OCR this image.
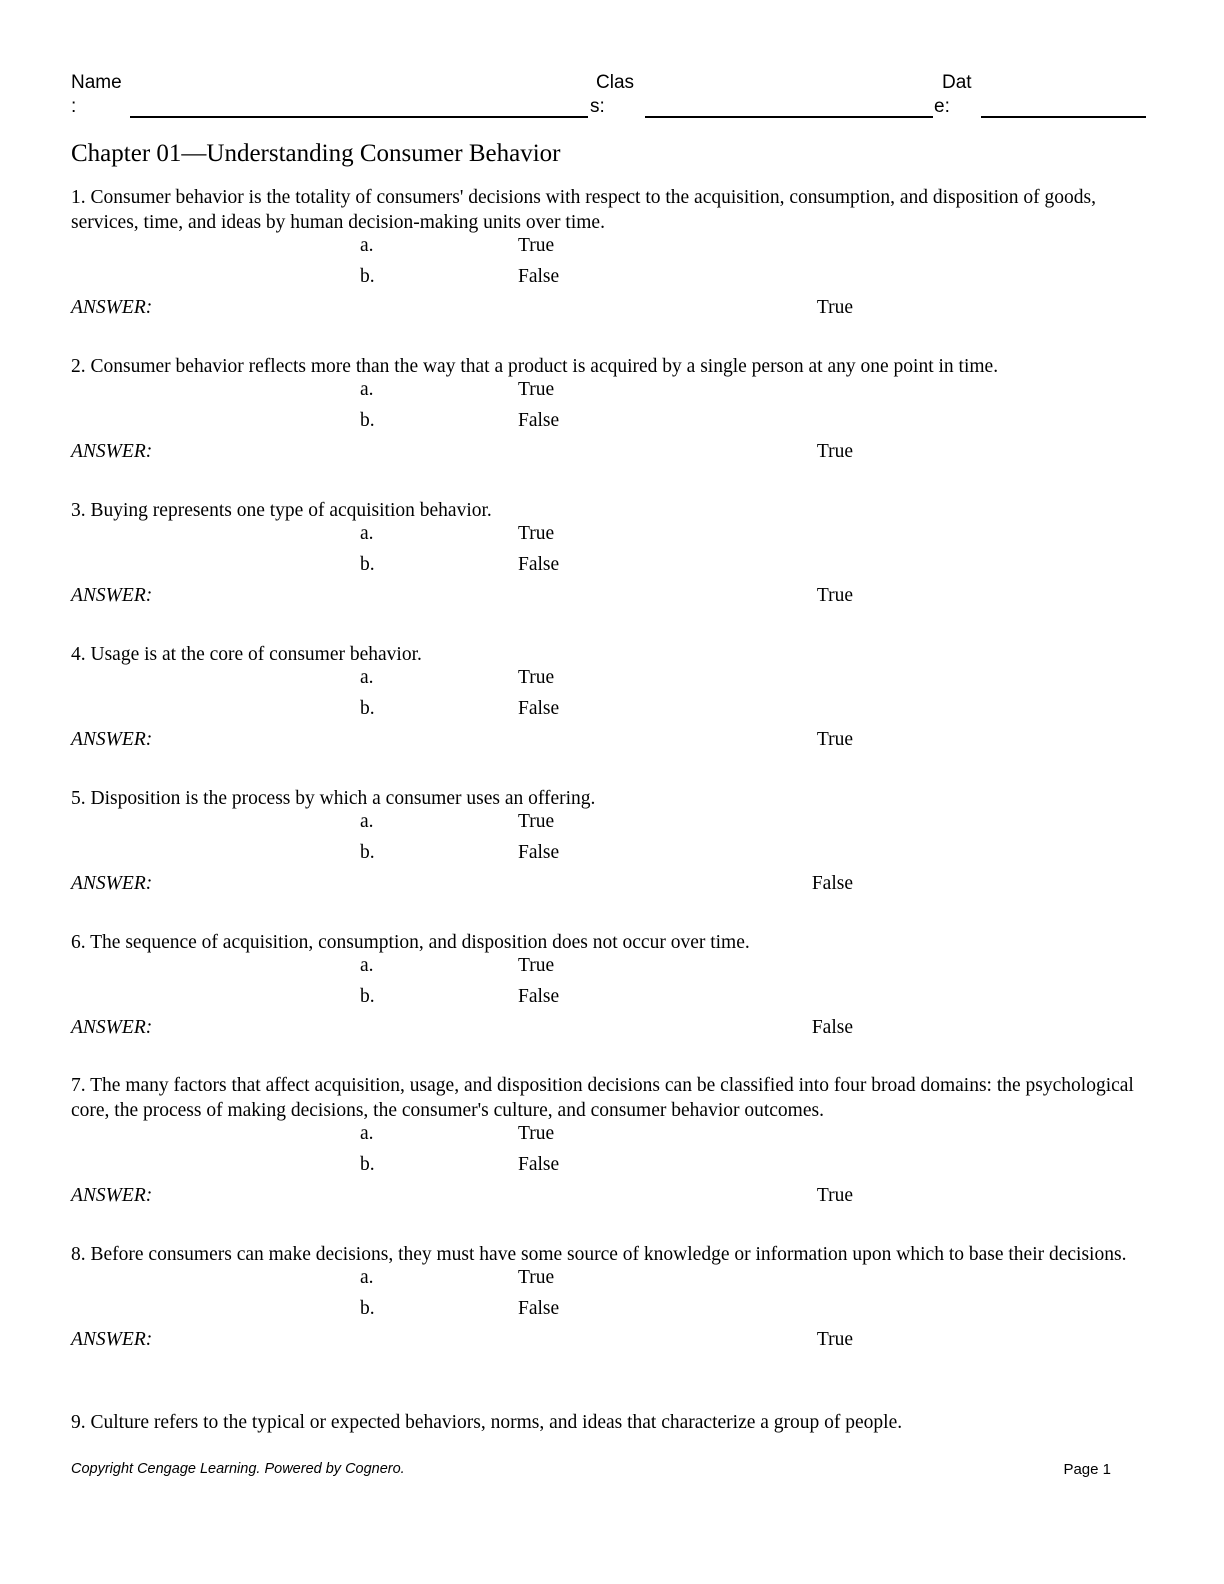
Name
:
Clas
s:
Dat
e:
Chapter 01—Understanding Consumer Behavior
1. Consumer behavior is the totality of consumers' decisions with respect to the acquisition, consumption, and disposition of goods, services, time, and ideas by human decision-making units over time.
a.	True
b.	False
ANSWER:	True
2. Consumer behavior reflects more than the way that a product is acquired by a single person at any one point in time.
a.	True
b.	False
ANSWER:	True
3. Buying represents one type of acquisition behavior.
a.	True
b.	False
ANSWER:	True
4. Usage is at the core of consumer behavior.
a.	True
b.	False
ANSWER:	True
5. Disposition is the process by which a consumer uses an offering.
a.	True
b.	False
ANSWER:	False
6. The sequence of acquisition, consumption, and disposition does not occur over time.
a.	True
b.	False
ANSWER:	False
7. The many factors that affect acquisition, usage, and disposition decisions can be classified into four broad domains: the psychological core, the process of making decisions, the consumer's culture, and consumer behavior outcomes.
a.	True
b.	False
ANSWER:	True
8. Before consumers can make decisions, they must have some source of knowledge or information upon which to base their decisions.
a.	True
b.	False
ANSWER:	True
9. Culture refers to the typical or expected behaviors, norms, and ideas that characterize a group of people.
Copyright Cengage Learning. Powered by Cognero.	Page 1
